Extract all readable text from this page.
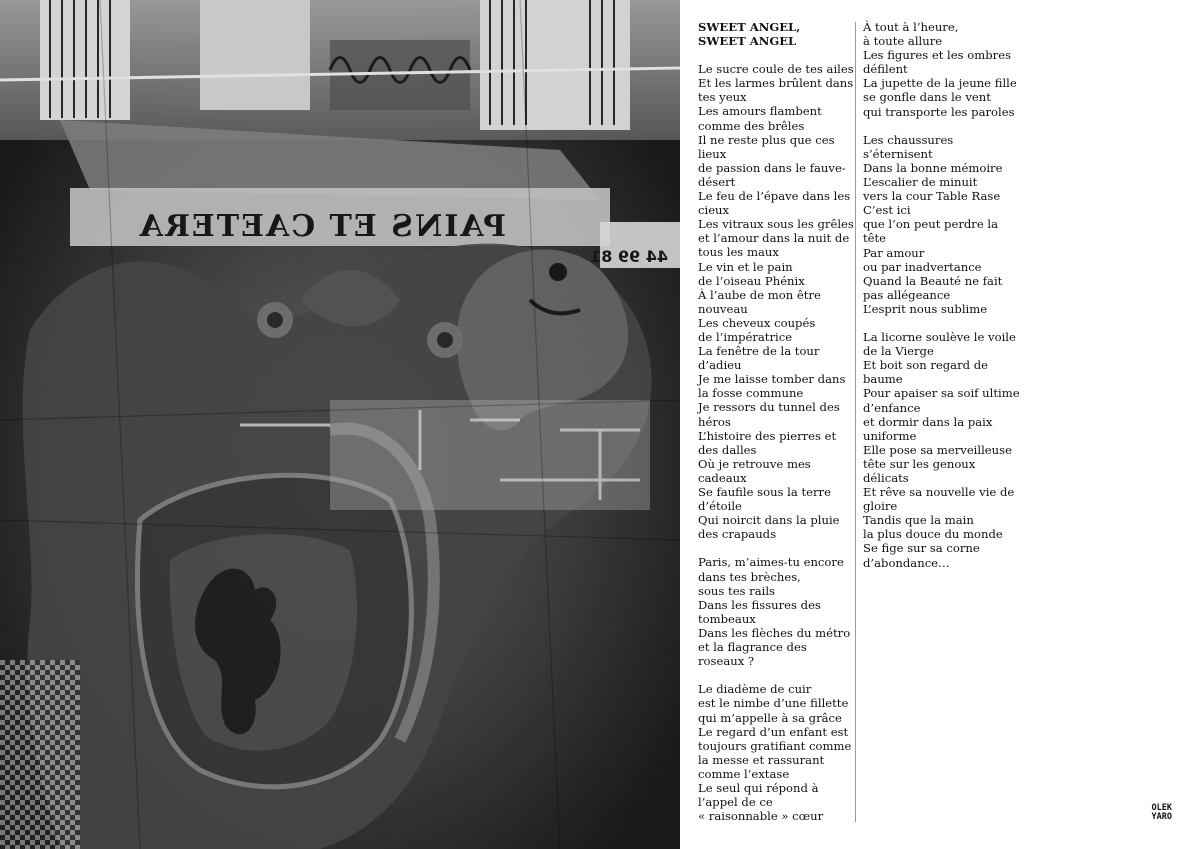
PAINS ET CAETERA
44 99 81
SWEET ANGEL, SWEET ANGEL
Le sucre coule de tes ailes
Et les larmes brûlent dans
tes yeux
Les amours flambent
comme des brêles
Il ne reste plus que ces
lieux
de passion dans le fauve-
désert
Le feu de l’épave dans les
cieux
Les vitraux sous les grêles
et l’amour dans la nuit de
tous les maux
Le vin et le pain
de l’oiseau Phénix
À l’aube de mon être
nouveau
Les cheveux coupés
de l’impératrice
La fenêtre de la tour
d’adieu
Je me laisse tomber dans
la fosse commune
Je ressors du tunnel des
héros
L’histoire des pierres et
des dalles
Où je retrouve mes
cadeaux
Se faufile sous la terre
d’étoile
Qui noircit dans la pluie
des crapauds
Paris, m’aimes-tu encore
dans tes brèches,
sous tes rails
Dans les fissures des
tombeaux
Dans les flèches du métro
et la flagrance des
roseaux ?
Le diadème de cuir
est le nimbe d’une fillette
qui m’appelle à sa grâce
Le regard d’un enfant est
toujours gratifiant comme
la messe et rassurant
comme l’extase
Le seul qui répond à
l’appel de ce
« raisonnable » cœur
À tout à l’heure,
à toute allure
Les figures et les ombres
défilent
La jupette de la jeune fille
se gonfle dans le vent
qui transporte les paroles
Les chaussures
s’éternisent
Dans la bonne mémoire
L’escalier de minuit
vers la cour Table Rase
C’est ici
que l’on peut perdre la
tête
Par amour
ou par inadvertance
Quand la Beauté ne fait
pas allégeance
L’esprit nous sublime
La licorne soulève le voile
de la Vierge
Et boit son regard de
baume
Pour apaiser sa soif ultime
d’enfance
et dormir dans la paix
uniforme
Elle pose sa merveilleuse
tête sur les genoux
délicats
Et rêve sa nouvelle vie de
gloire
Tandis que la main
la plus douce du monde
Se fige sur sa corne
d’abondance…
OLEK
YARO
